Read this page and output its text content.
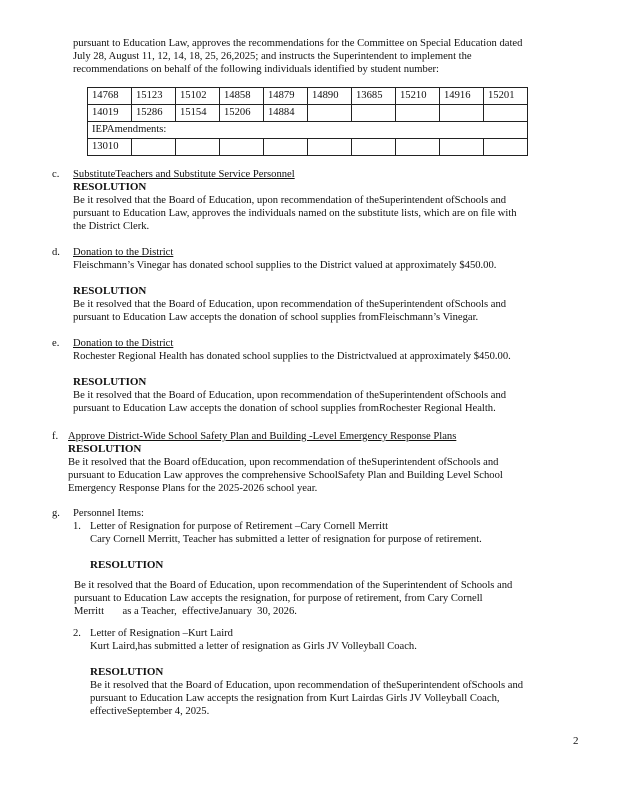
pursuant to Education Law, approves the recommendations for the Committee on Special Education dated

July 28, August 11, 12, 14, 18, 25, 26,2025; and instructs the Superintendent to implement the

recommendations on behalf of the following individuals identified by student number:

14768	15123	15102	14858	14879	14890	13685	15210	14916	15201
14019	15286	15154	15206	14884					
IEPAmendments:									
13010									
c. SubstituteTeachers and Substitute Service Personnel

RESOLUTION

Be it resolved that the Board of Education, upon recommendation of theSuperintendent ofSchools and

pursuant to Education Law, approves the individuals named on the substitute lists, which are on file with

the District Clerk.

d. Donation to the District

Fleischmann’s Vinegar has donated school supplies to the District valued at approximately $450.00.

RESOLUTION

Be it resolved that the Board of Education, upon recommendation of theSuperintendent ofSchools and

pursuant to Education Law accepts the donation of school supplies fromFleischmann’s Vinegar.

e. Donation to the District

Rochester Regional Health has donated school supplies to the Districtvalued at approximately $450.00.

RESOLUTION

Be it resolved that the Board of Education, upon recommendation of theSuperintendent ofSchools and

pursuant to Education Law accepts the donation of school supplies fromRochester Regional Health.

f. Approve District-Wide School Safety Plan and Building -Level Emergency Response Plans

RESOLUTION

Be it resolved that the Board ofEducation, upon recommendation of theSuperintendent ofSchools and

pursuant to Education Law approves the comprehensive SchoolSafety Plan and Building Level School

Emergency Response Plans for the 2025-2026 school year.

g. Personnel Items:

1. Letter of Resignation for purpose of Retirement –Cary Cornell Merritt

Cary Cornell Merritt, Teacher has submitted a letter of resignation for purpose of retirement.

RESOLUTION

Be it resolved that the Board of Education, upon recommendation of the Superintendent of Schools and

pursuant to Education Law accepts the resignation, for purpose of retirement, from Cary Cornell

Merritt       as a Teacher,  effectiveJanuary  30, 2026.

2. Letter of Resignation –Kurt Laird

Kurt Laird,has submitted a letter of resignation as Girls JV Volleyball Coach.

RESOLUTION

Be it resolved that the Board of Education, upon recommendation of theSuperintendent ofSchools and

pursuant to Education Law accepts the resignation from Kurt Lairdas Girls JV Volleyball Coach,

effectiveSeptember 4, 2025.

2
